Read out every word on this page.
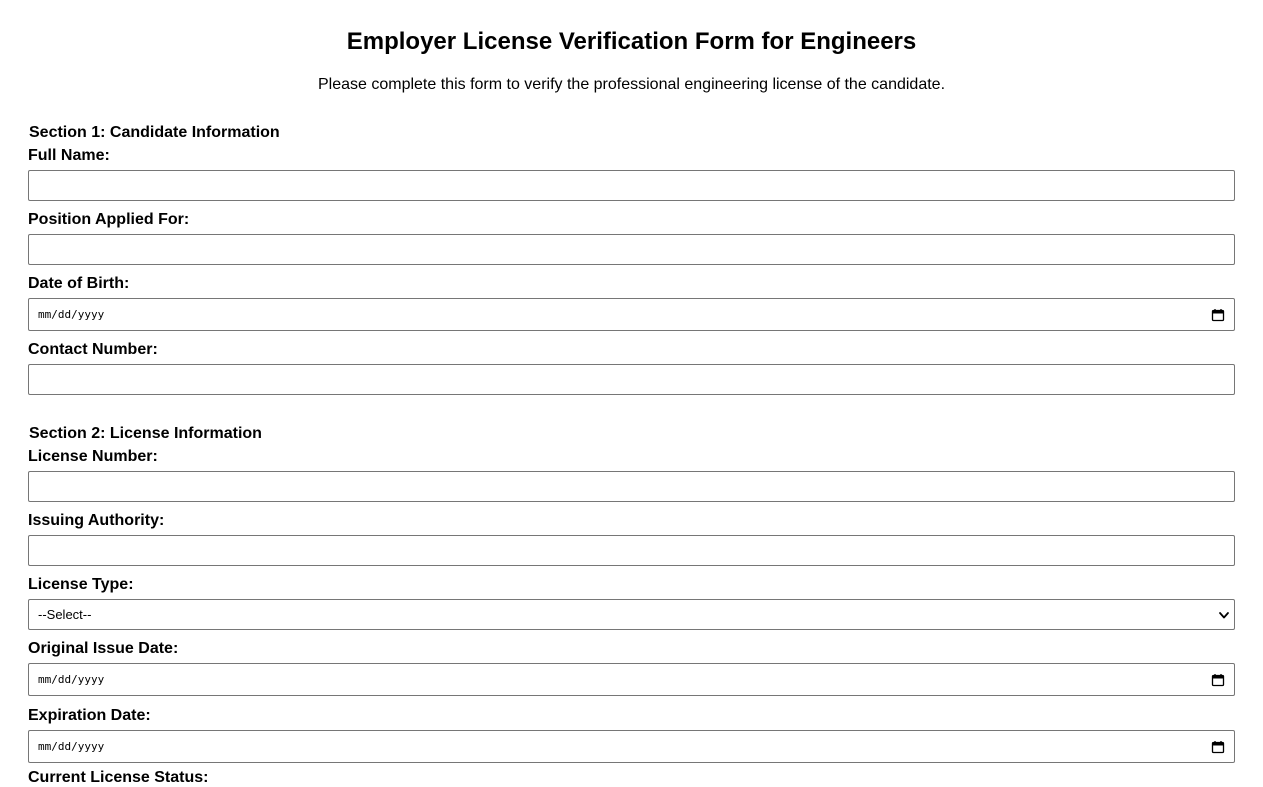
Employer License Verification Form for Engineers

Please complete this form to verify the professional engineering license of the candidate.

Section 1: Candidate Information
Full Name:
Position Applied For:
Date of Birth:
mm/dd/yyyy
Contact Number:
Section 2: License Information
License Number:
Issuing Authority:
License Type:
--Select--
Original Issue Date:
mm/dd/yyyy
Expiration Date:
mm/dd/yyyy
Current License Status:
